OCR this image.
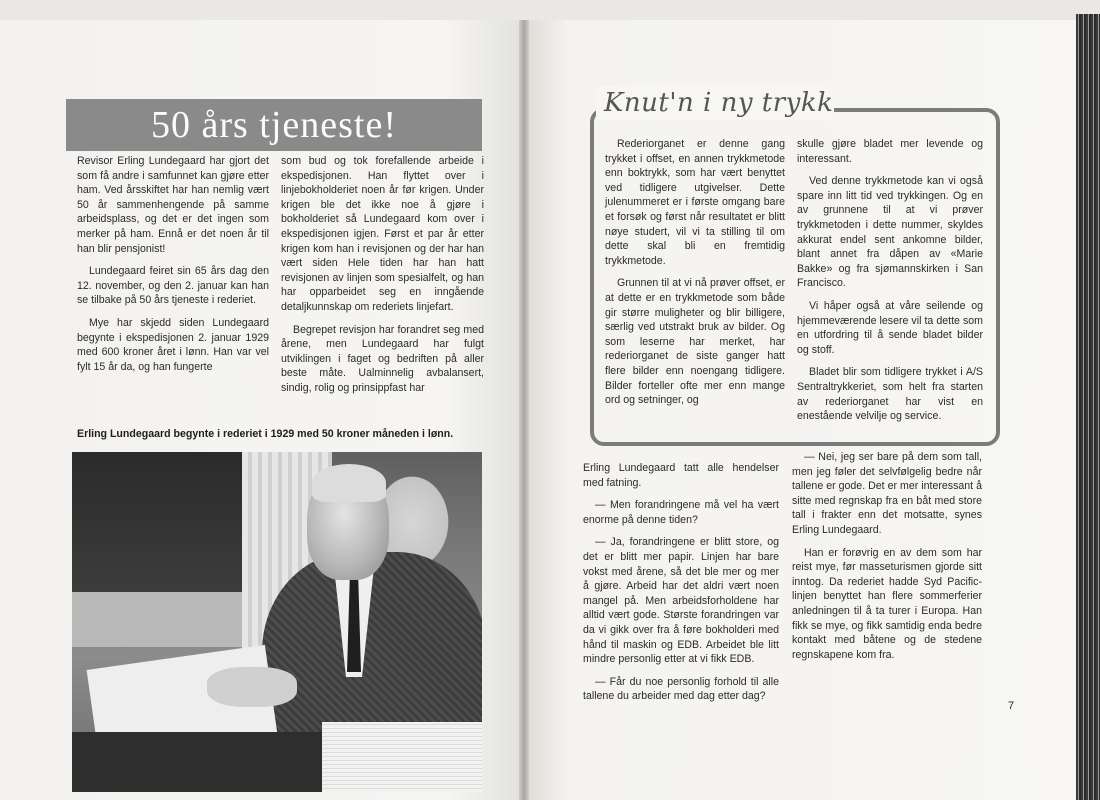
50 års tjeneste!

Revisor Erling Lundegaard har gjort det som få andre i samfunnet kan gjøre etter ham. Ved årsskiftet har han nemlig vært 50 år sammenhengende på samme arbeidsplass, og det er det ingen som merker på ham. Ennå er det noen år til han blir pensjonist!

Lundegaard feiret sin 65 års dag den 12. november, og den 2. januar kan han se tilbake på 50 års tjeneste i rederiet.

Mye har skjedd siden Lundegaard begynte i ekspedisjonen 2. januar 1929 med 600 kroner året i lønn. Han var vel fylt 15 år da, og han fungerte

som bud og tok forefallende arbeide i ekspedisjonen. Han flyttet over i linjebokholderiet noen år før krigen. Under krigen ble det ikke noe å gjøre i bokholderiet så Lundegaard kom over i ekspedisjonen igjen. Først et par år etter krigen kom han i revisjonen og der har han vært siden Hele tiden har han hatt revisjonen av linjen som spesialfelt, og han har opparbeidet seg en inngående detaljkunnskap om rederiets linjefart.

Begrepet revisjon har forandret seg med årene, men Lundegaard har fulgt utviklingen i faget og bedriften på aller beste måte. Ualminnelig avbalansert, sindig, rolig og prinsippfast har

Erling Lundegaard begynte i rederiet i 1929 med 50 kroner måneden i lønn.
Knut'n i ny trykk

Rederiorganet er denne gang trykket i offset, en annen trykkmetode enn boktrykk, som har vært benyttet ved tidligere utgivelser. Dette julenummeret er i første omgang bare et forsøk og først når resultatet er blitt nøye studert, vil vi ta stilling til om dette skal bli en fremtidig trykkmetode.

Grunnen til at vi nå prøver offset, er at dette er en trykkmetode som både gir større muligheter og blir billigere, særlig ved utstrakt bruk av bilder. Og som leserne har merket, har rederiorganet de siste ganger hatt flere bilder enn noengang tidligere. Bilder forteller ofte mer enn mange ord og setninger, og

skulle gjøre bladet mer levende og interessant.

Ved denne trykkmetode kan vi også spare inn litt tid ved trykkingen. Og en av grunnene til at vi prøver trykkmetoden i dette nummer, skyldes akkurat endel sent ankomne bilder, blant annet fra dåpen av «Marie Bakke» og fra sjømannskirken i San Francisco.

Vi håper også at våre seilende og hjemmeværende lesere vil ta dette som en utfordring til å sende bladet bilder og stoff.

Bladet blir som tidligere trykket i A/S Sentraltrykkeriet, som helt fra starten av rederiorganet har vist en enestående velvilje og service.

Erling Lundegaard tatt alle hendelser med fatning.

— Men forandringene må vel ha vært enorme på denne tiden?

— Ja, forandringene er blitt store, og det er blitt mer papir. Linjen har bare vokst med årene, så det ble mer og mer å gjøre. Arbeid har det aldri vært noen mangel på. Men arbeidsforholdene har alltid vært gode. Største forandringen var da vi gikk over fra å føre bokholderi med hånd til maskin og EDB. Arbeidet ble litt mindre personlig etter at vi fikk EDB.

— Får du noe personlig forhold til alle tallene du arbeider med dag etter dag?

— Nei, jeg ser bare på dem som tall, men jeg føler det selvfølgelig bedre når tallene er gode. Det er mer interessant å sitte med regnskap fra en båt med store tall i frakter enn det motsatte, synes Erling Lundegaard.

Han er forøvrig en av dem som har reist mye, før masseturismen gjorde sitt inntog. Da rederiet hadde Syd Pacific-linjen benyttet han flere sommerferier anledningen til å ta turer i Europa. Han fikk se mye, og fikk samtidig enda bedre kontakt med båtene og de stedene regnskapene kom fra.

7
